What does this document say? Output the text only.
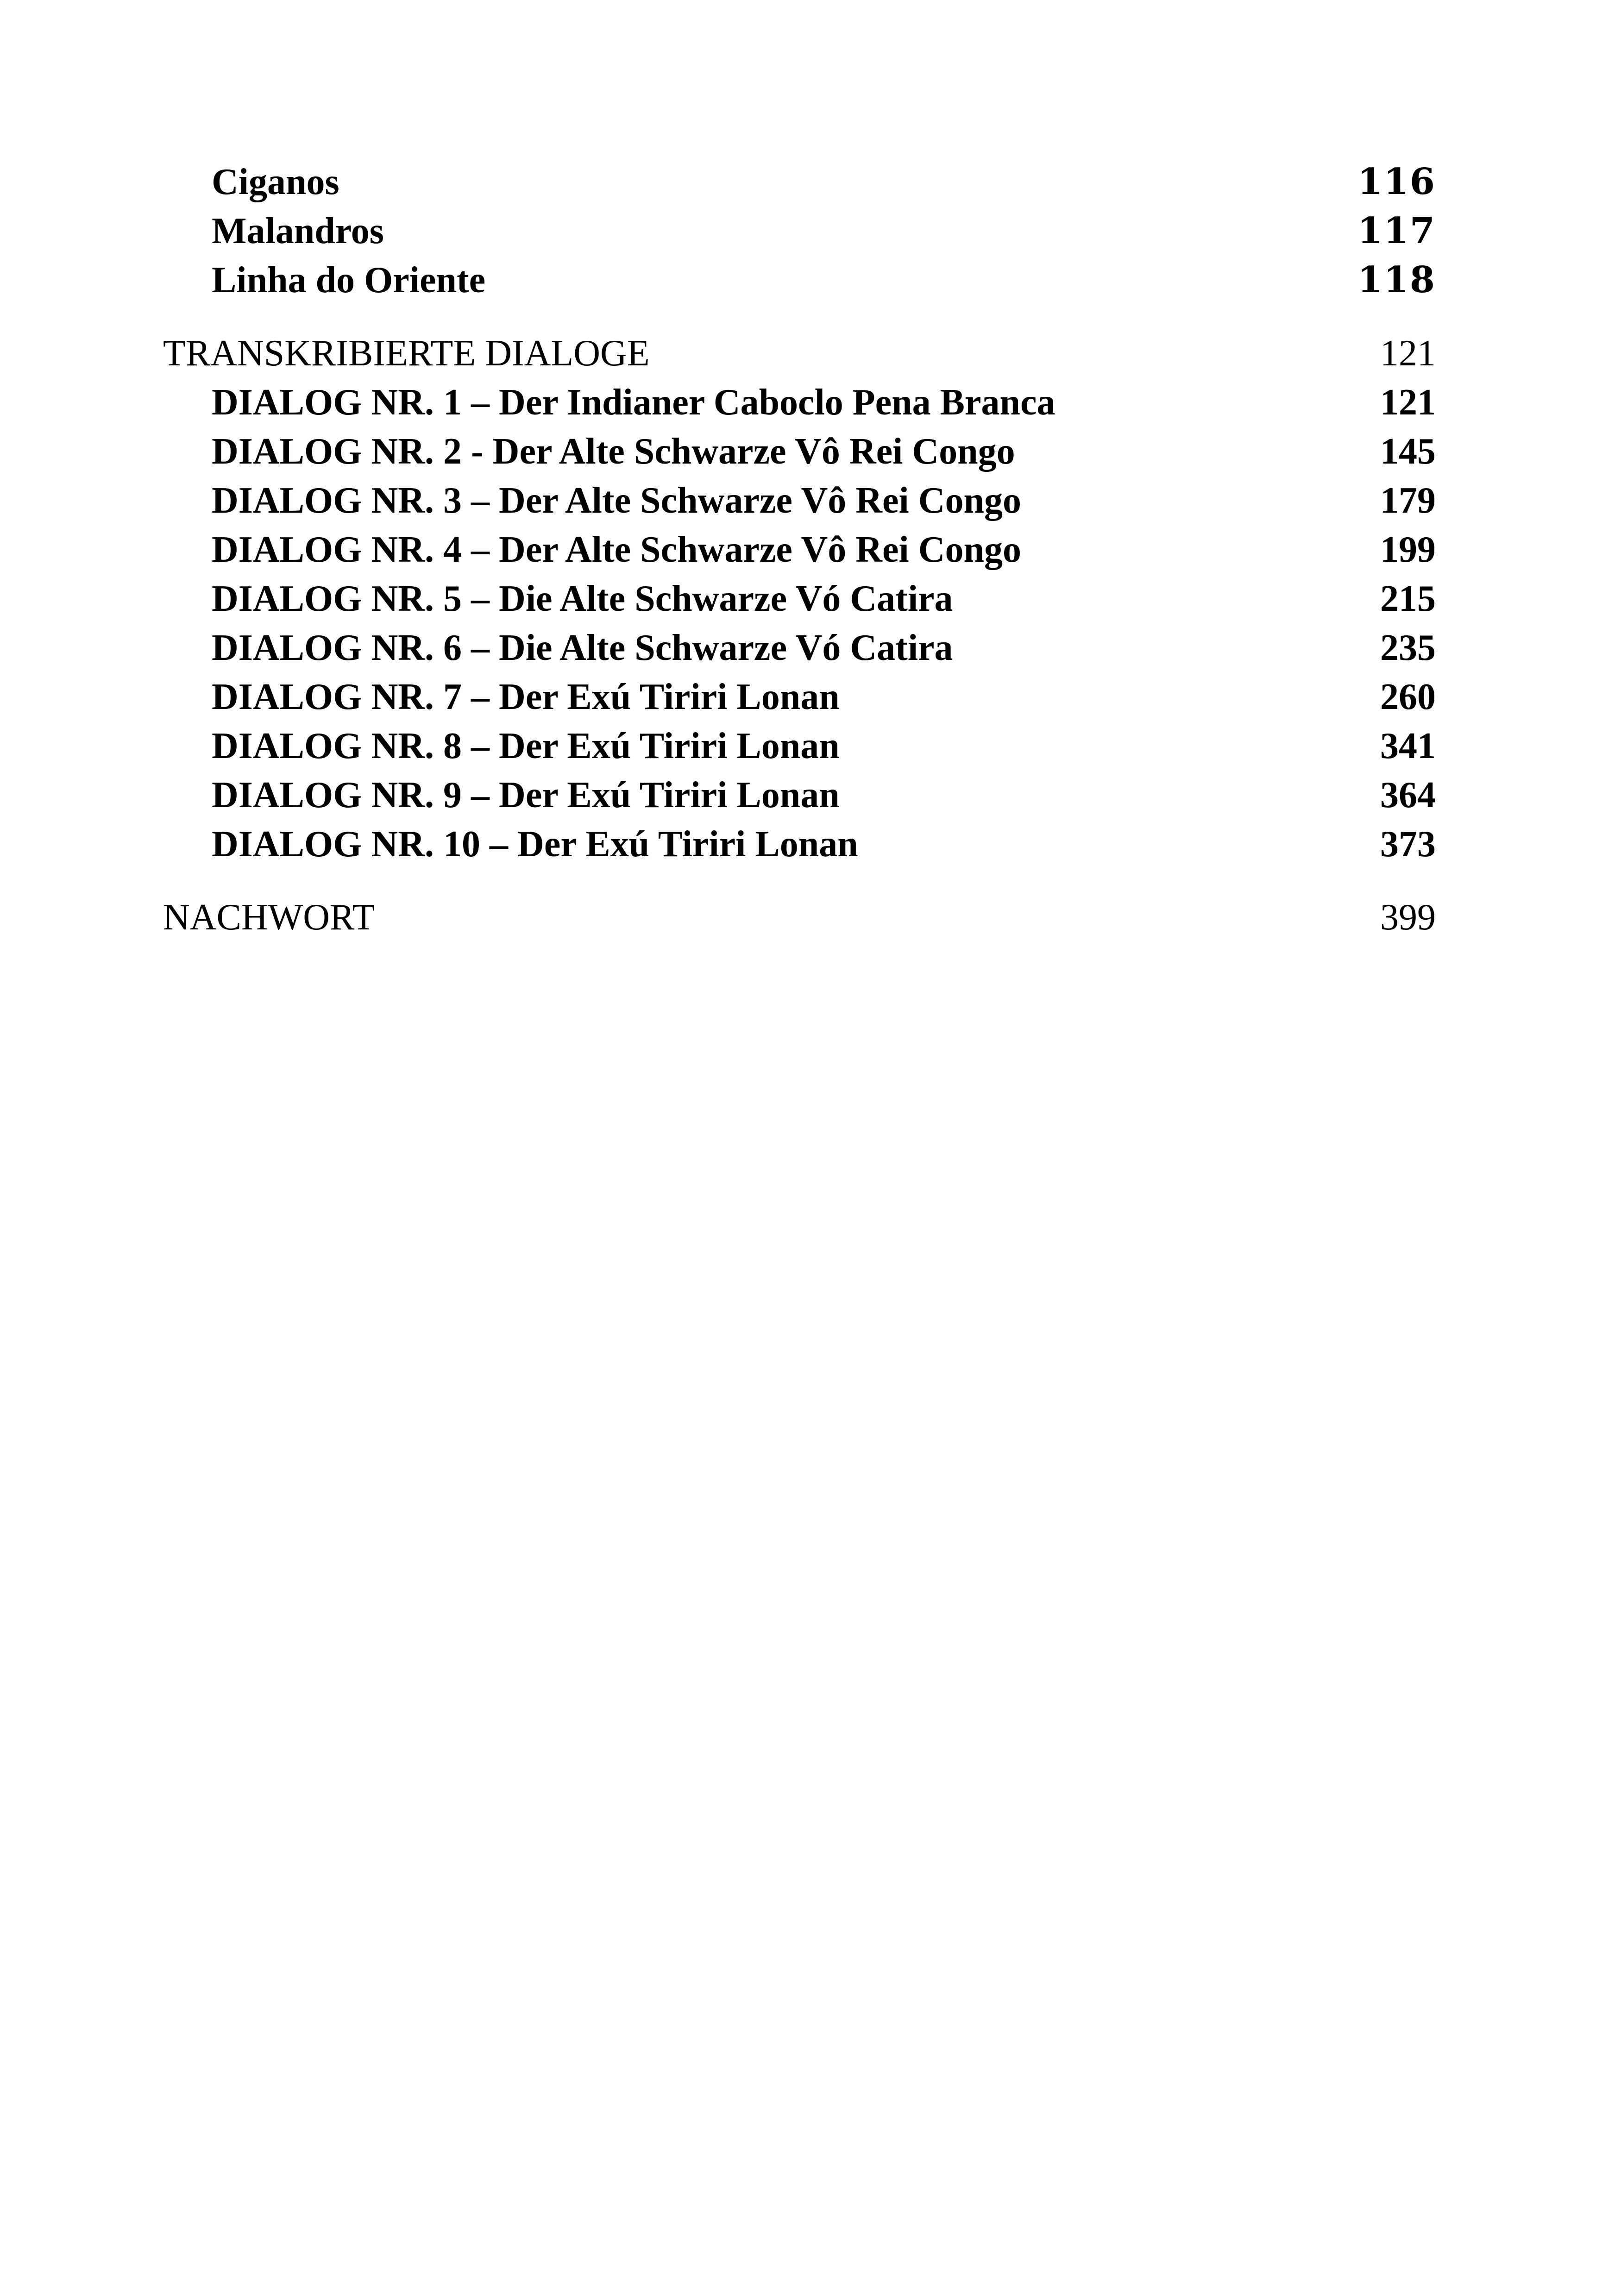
Ciganos	116
Malandros	117
Linha do Oriente	118
TRANSKRIBIERTE DIALOGE	121
DIALOG NR. 1 – Der Indianer Caboclo Pena Branca	121
DIALOG NR. 2 - Der Alte Schwarze Vô Rei Congo	145
DIALOG NR. 3 – Der Alte Schwarze Vô Rei Congo	179
DIALOG NR. 4 – Der Alte Schwarze Vô Rei Congo	199
DIALOG NR. 5 – Die Alte Schwarze Vó Catira	215
DIALOG NR. 6 – Die Alte Schwarze Vó Catira	235
DIALOG NR. 7 – Der Exú Tiriri Lonan	260
DIALOG NR. 8 – Der Exú Tiriri Lonan	341
DIALOG NR. 9 – Der Exú Tiriri Lonan	364
DIALOG NR. 10 – Der Exú Tiriri Lonan	373
NACHWORT	399
